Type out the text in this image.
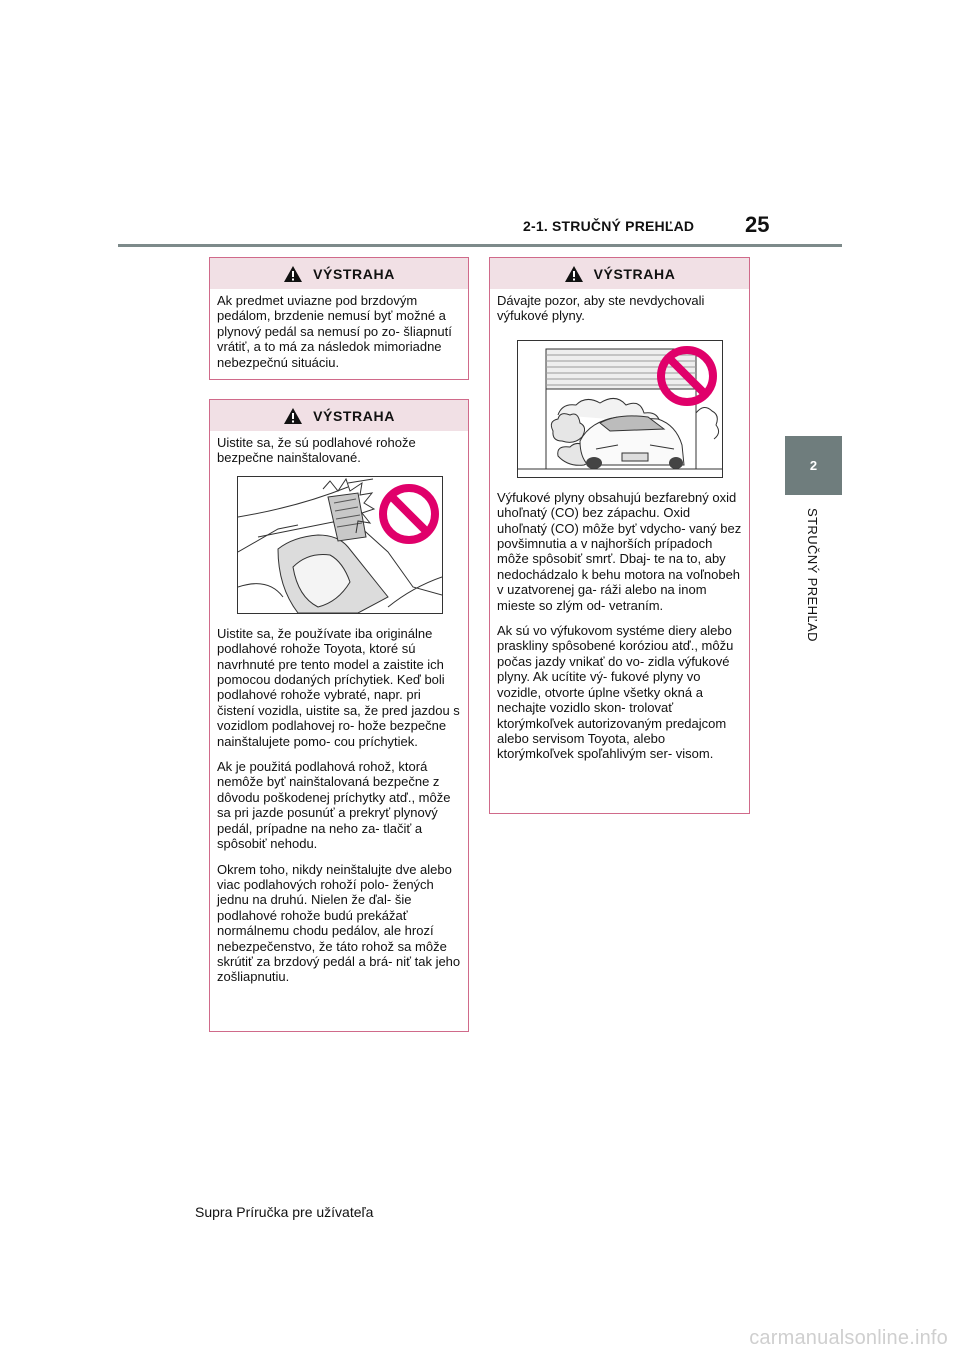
2-1. STRUČNÝ PREHĽAD 25
2
STRUČNÝ PREHĽAD
VÝSTRAHA

Ak predmet uviazne pod brzdovým pedálom, brzdenie nemusí byť možné a plynový pedál sa nemusí po zo- šliapnutí vrátiť, a to má za následok mimoriadne nebezpečnú situáciu.

VÝSTRAHA

Uistite sa, že sú podlahové rohože bezpečne nainštalované.

Uistite sa, že používate iba originálne podlahové rohože Toyota, ktoré sú navrhnuté pre tento model a zaistite ich pomocou dodaných príchytiek. Keď boli podlahové rohože vybraté, napr. pri čistení vozidla, uistite sa, že pred jazdou s vozidlom podlahovej ro- hože bezpečne nainštalujete pomo- cou príchytiek.

Ak je použitá podlahová rohož, ktorá nemôže byť nainštalovaná bezpečne z dôvodu poškodenej príchytky atď., môže sa pri jazde posunúť a prekryť plynový pedál, prípadne na neho za- tlačiť a spôsobiť nehodu.

Okrem toho, nikdy neinštalujte dve alebo viac podlahových rohoží polo- žených jednu na druhú. Nielen že ďal- šie podlahové rohože budú prekážať normálnemu chodu pedálov, ale hrozí nebezpečenstvo, že táto rohož sa môže skrútiť za brzdový pedál a brá- niť tak jeho zošliapnutiu.

VÝSTRAHA

Dávajte pozor, aby ste nevdychovali výfukové plyny.

Výfukové plyny obsahujú bezfarebný oxid uhoľnatý (CO) bez zápachu. Oxid uhoľnatý (CO) môže byť vdycho- vaný bez povšimnutia a v najhorších prípadoch môže spôsobiť smrť. Dbaj- te na to, aby nedochádzalo k behu motora na voľnobeh v uzatvorenej ga- ráži alebo na inom mieste so zlým od- vetraním.

Ak sú vo výfukovom systéme diery alebo praskliny spôsobené koróziou atď., môžu počas jazdy vnikať do vo- zidla výfukové plyny. Ak ucítite vý- fukové plyny vo vozidle, otvorte úplne všetky okná a nechajte vozidlo skon- trolovať ktorýmkoľvek autorizovaným predajcom alebo servisom Toyota, alebo ktorýmkoľvek spoľahlivým ser- visom.

Supra Príručka pre užívateľa
carmanualsonline.info
